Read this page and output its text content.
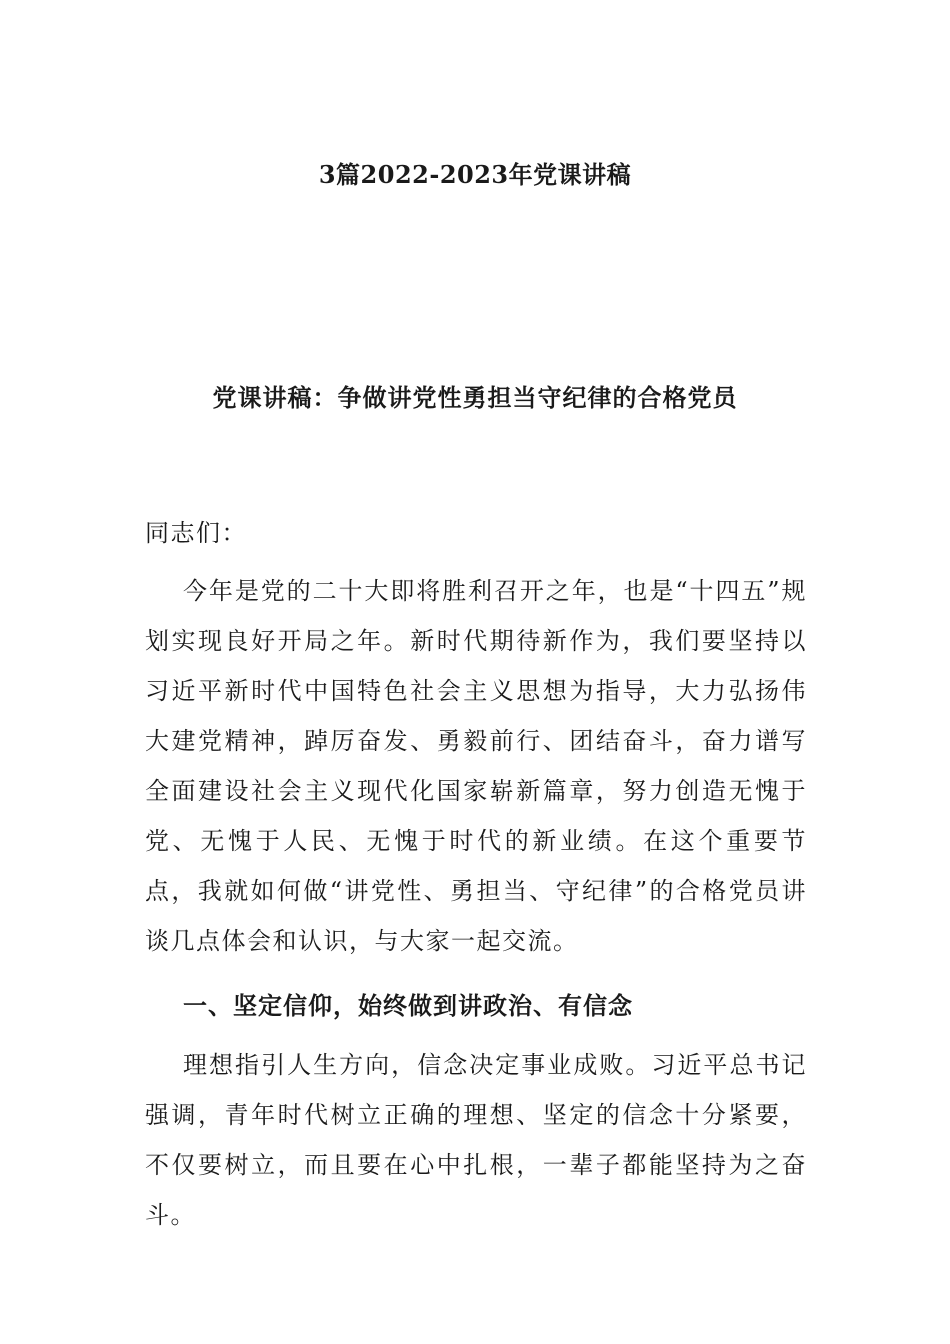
3篇2022-2023年党课讲稿
党课讲稿：争做讲党性勇担当守纪律的合格党员

同志们：

今年是党的二十大即将胜利召开之年，也是“十四五”规划实现良好开局之年。新时代期待新作为，我们要坚持以习近平新时代中国特色社会主义思想为指导，大力弘扬伟大建党精神，踔厉奋发、勇毅前行、团结奋斗，奋力谱写全面建设社会主义现代化国家崭新篇章，努力创造无愧于党、无愧于人民、无愧于时代的新业绩。在这个重要节点，我就如何做“讲党性、勇担当、守纪律”的合格党员讲谈几点体会和认识，与大家一起交流。

一、坚定信仰，始终做到讲政治、有信念

理想指引人生方向，信念决定事业成败。习近平总书记强调，青年时代树立正确的理想、坚定的信念十分紧要，不仅要树立，而且要在心中扎根，一辈子都能坚持为之奋斗。
